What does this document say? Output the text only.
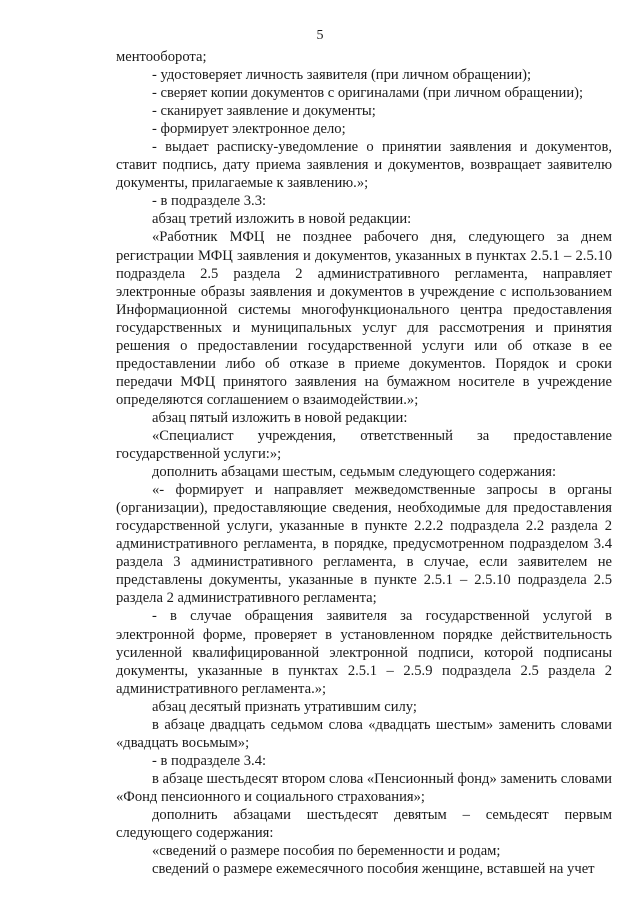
5

ментооборота;

- удостоверяет личность заявителя (при личном обращении);

- сверяет копии документов с оригиналами (при личном обращении);

- сканирует заявление и документы;

- формирует электронное дело;

- выдает расписку-уведомление о принятии заявления и документов, ставит подпись, дату приема заявления и документов, возвращает заявителю документы, прилагаемые к заявлению.»;

- в подразделе 3.3:

абзац третий изложить в новой редакции:

«Работник МФЦ не позднее рабочего дня, следующего за днем регистрации МФЦ заявления и документов, указанных в пунктах 2.5.1 – 2.5.10 подраздела 2.5 раздела 2 административного регламента, направляет электронные образы заявления и документов в учреждение с использованием Информационной системы многофункционального центра предоставления государственных и муниципальных услуг для рассмотрения и принятия решения о предоставлении государственной услуги или об отказе в ее предоставлении либо об отказе в приеме документов. Порядок и сроки передачи МФЦ принятого заявления на бумажном носителе в учреждение определяются соглашением о взаимодействии.»;

абзац пятый изложить в новой редакции:

«Специалист учреждения, ответственный за предоставление государственной услуги:»;

дополнить абзацами шестым, седьмым следующего содержания:

«- формирует и направляет межведомственные запросы в органы (организации), предоставляющие сведения, необходимые для предоставления государственной услуги, указанные в пункте 2.2.2 подраздела 2.2 раздела 2 административного регламента, в порядке, предусмотренном подразделом 3.4 раздела 3 административного регламента, в случае, если заявителем не представлены документы, указанные в пункте 2.5.1 – 2.5.10 подраздела 2.5 раздела 2 административного регламента;

- в случае обращения заявителя за государственной услугой в электронной форме, проверяет в установленном порядке действительность усиленной квалифицированной электронной подписи, которой подписаны документы, указанные в пунктах 2.5.1 – 2.5.9 подраздела 2.5 раздела 2 административного регламента.»;

абзац десятый признать утратившим силу;

в абзаце двадцать седьмом слова «двадцать шестым» заменить словами «двадцать восьмым»;

- в подразделе 3.4:

в абзаце шестьдесят втором слова «Пенсионный фонд» заменить словами «Фонд пенсионного и социального страхования»;

дополнить абзацами шестьдесят девятым – семьдесят первым следующего содержания:

«сведений о размере пособия по беременности и родам;

сведений о размере ежемесячного пособия женщине, вставшей на учет
